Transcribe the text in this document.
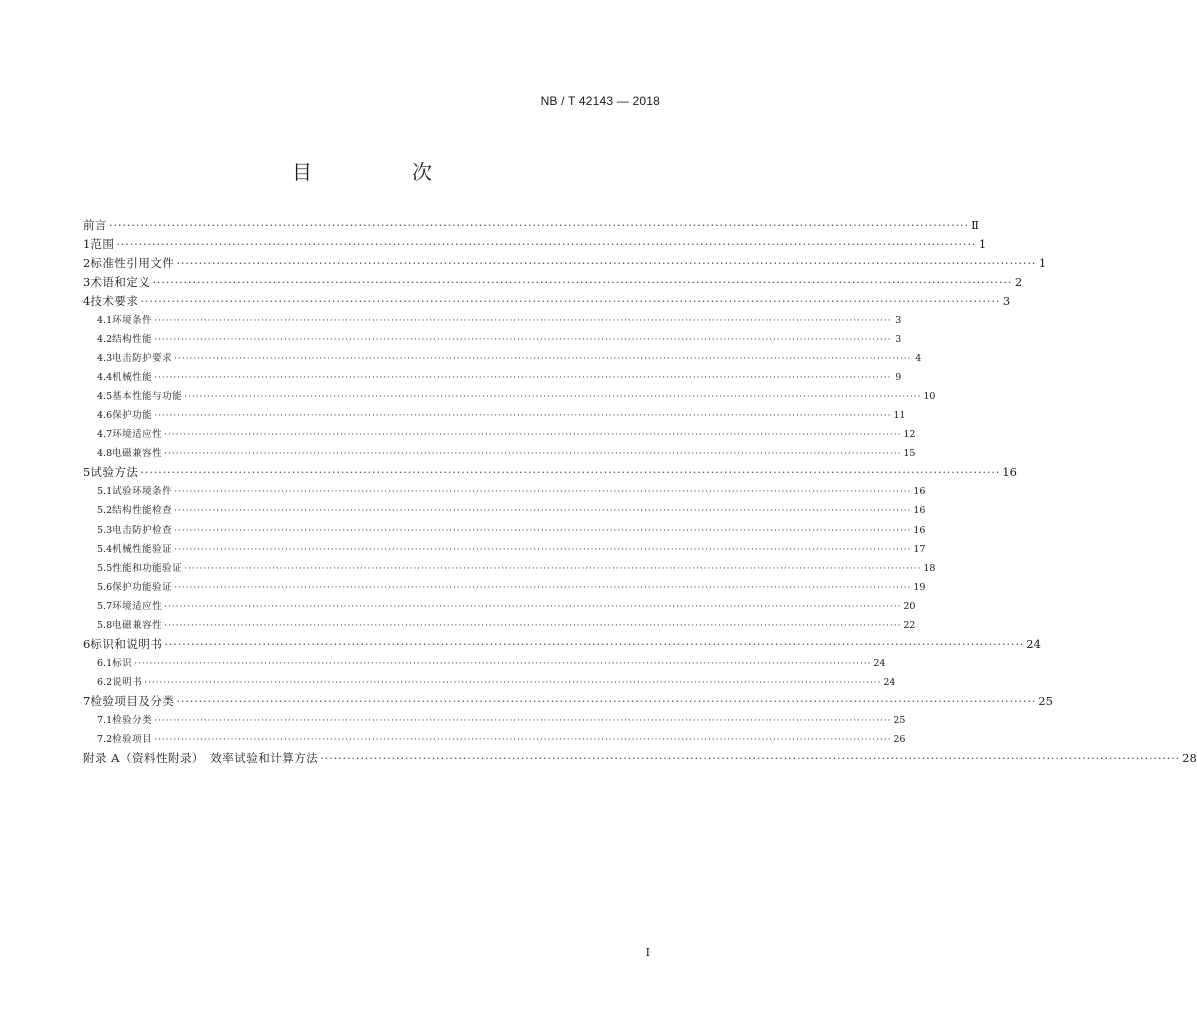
NB / T 42143 — 2018
目　次
前言 ·····	Ⅱ
1 范围 ·····	1
2 标准性引用文件 ·····	1
3 术语和定义 ·····	2
4 技术要求 ·····	3
4.1 环境条件 ·····	3
4.2 结构性能 ·····	3
4.3 电击防护要求 ·····	4
4.4 机械性能 ·····	9
4.5 基本性能与功能 ·····	10
4.6 保护功能 ·····	11
4.7 环境适应性 ·····	12
4.8 电磁兼容性 ·····	15
5 试验方法 ·····	16
5.1 试验环境条件 ·····	16
5.2 结构性能检查 ·····	16
5.3 电击防护检查 ·····	16
5.4 机械性能验证 ·····	17
5.5 性能和功能验证 ·····	18
5.6 保护功能验证 ·····	19
5.7 环境适应性 ·····	20
5.8 电磁兼容性 ·····	22
6 标识和说明书 ·····	24
6.1 标识 ·····	24
6.2 说明书 ·····	24
7 检验项目及分类 ·····	25
7.1 检验分类 ·····	25
7.2 检验项目 ·····	26
附录 A（资料性附录）　效率试验和计算方法 ·····	28
I
